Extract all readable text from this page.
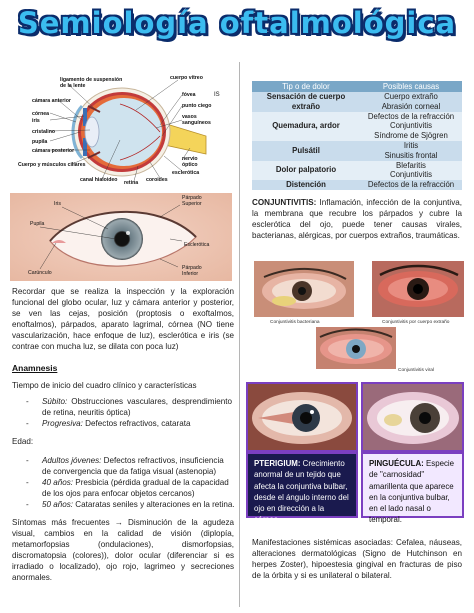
Semiología oftalmológica
ligamento de suspensión
de la lente
cámara anterior
córnea
iris
cristalino
pupila
cámara posterior
Cuerpo y músculos ciliares
canal hialoideo retina coroides
cuerpo vítreo
fóvea
punto ciego
vasos
sanguíneos
nervio
óptico
esclerótica
IS
Iris
Pupila
Carúnculo
Párpado
Superior
Esclerótica
Párpado
Inferior
Recordar que se realiza la inspección y la exploración funcional del globo ocular, luz y cámara anterior y posterior, se ven las cejas, posición (proptosis o exoftalmos, enoftalmos), párpados, aparato lagrimal, córnea (NO tiene vascularización, hace enfoque de luz), esclerótica e iris (se contrae con mucha luz, se dilata con poca luz)
Anamnesis
Tiempo de inicio del cuadro clínico y características
- Súbito: Obstrucciones vasculares, desprendimiento de retina, neuritis óptica)
- Progresiva: Defectos refractivos, catarata
Edad:
- Adultos jóvenes: Defectos refractivos, insuficiencia de convergencia que da fatiga visual (astenopia)
- 40 años: Presbicia (pérdida gradual de la capacidad de los ojos para enfocar objetos cercanos)
- 50 años: Cataratas seniles y alteraciones en la retina.
Síntomas más frecuentes → Disminución de la agudeza visual, cambios en la calidad de visión (diplopía, metamorfopsias (ondulaciones), dismorfopsias, discromatopsia (colores)), dolor ocular (diferenciar si es irradiado o localizado), ojo rojo, lagrimeo y secreciones anormales.
Tip o de dolor	Posibles causas
Sensación de cuerpo extraño	Cuerpo extraño
Abrasión corneal

Quemadura, ardor	Defectos de la refracción
Conjuntivitis
Síndrome de Sjögren

Pulsátil	Iritis
Sinusitis frontal

Dolor palpatorio	Blefaritis
Conjuntivitis

Distención	Defectos de la refracción
CONJUNTIVITIS: Inflamación, infección de la conjuntiva, la membrana que recubre los párpados y cubre la esclerótica del ojo, puede tener causas virales, bacterianas, alérgicas, por cuerpos extraños, traumáticas.
Conjuntivitis bacteriana	Conjuntivitis por cuerpo extraño
Conjuntivitis viral
PTERIGIUM: Crecimiento anormal de un tejido que afecta la conjuntiva bulbar, desde el ángulo interno del ojo en dirección a la córnea.
PINGUÉCULA: Especie de "carnosidad" amarillenta que aparece en la conjuntiva bulbar, en el lado nasal o temporal.
Manifestaciones sistémicas asociadas: Cefalea, náuseas, alteraciones dermatológicas (Signo de Hutchinson en herpes Zoster), hipoestesia gingival en fracturas de piso de la órbita y si es unilateral o bilateral.
